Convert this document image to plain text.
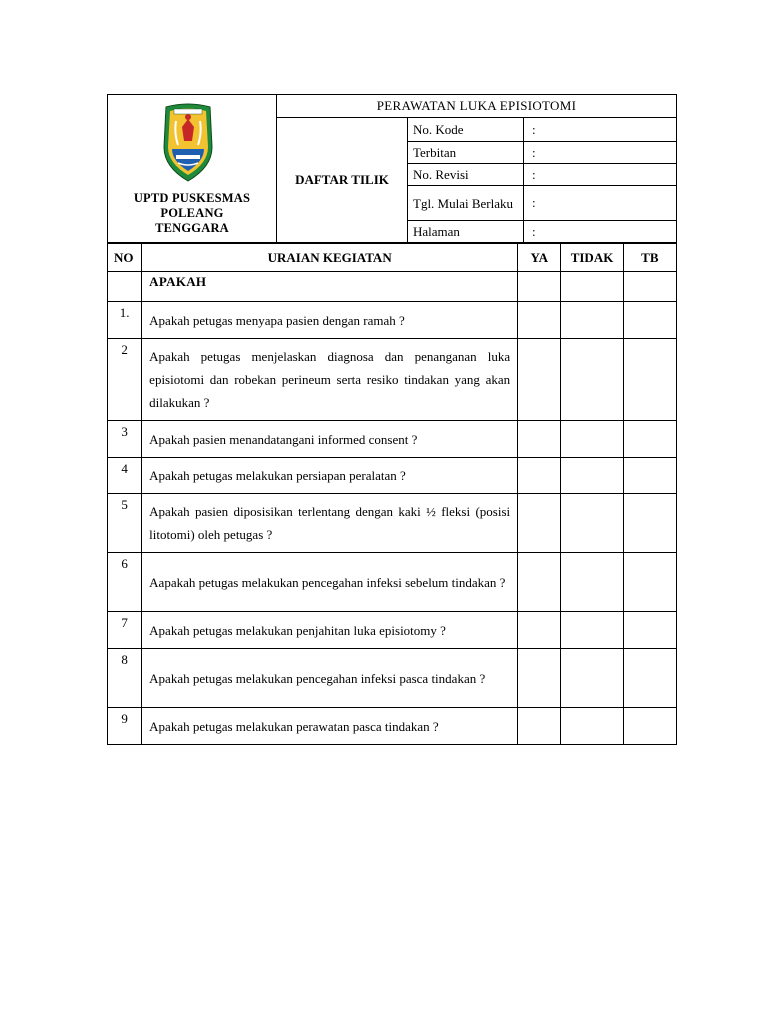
UPTD PUSKESMAS
POLEANG
TENGGARA	PERAWATAN LUKA EPISIOTOMI		
	DAFTAR TILIK	No. Kode	:
		Terbitan	:
		No. Revisi	:
		Tgl. Mulai Berlaku	:
		Halaman	:
NO	URAIAN KEGIATAN	YA	TIDAK	TB
	APAKAH			
1.	Apakah petugas menyapa pasien dengan ramah ?			
2	Apakah petugas menjelaskan diagnosa dan penanganan luka episiotomi dan robekan perineum serta resiko tindakan yang akan dilakukan ?			
3	Apakah pasien menandatangani informed consent ?			
4	Apakah petugas melakukan persiapan peralatan ?			
5	Apakah pasien diposisikan terlentang dengan kaki ½ fleksi (posisi litotomi) oleh petugas ?			
6	Aapakah petugas melakukan pencegahan infeksi sebelum tindakan ?			
7	Apakah petugas melakukan penjahitan luka episiotomy ?			
8	Apakah petugas melakukan pencegahan infeksi pasca tindakan ?			
9	Apakah petugas melakukan perawatan pasca tindakan ?			
